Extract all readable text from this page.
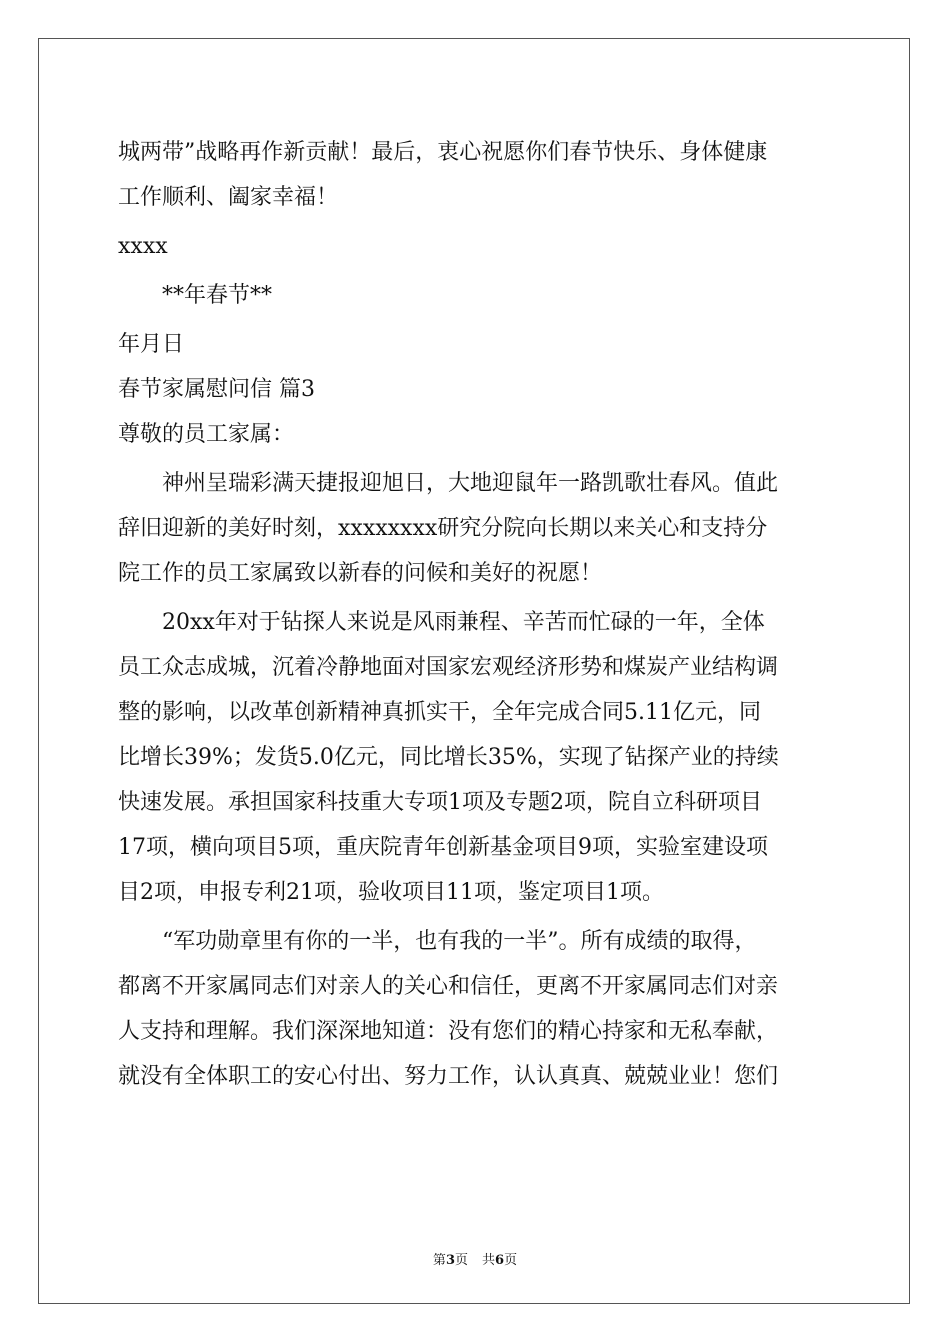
城两带”战略再作新贡献！最后，衷心祝愿你们春节快乐、身体健康
工作顺利、阖家幸福！
xxxx
**年春节**
年月日
春节家属慰问信 篇3
尊敬的员工家属：
神州呈瑞彩满天捷报迎旭日，大地迎鼠年一路凯歌壮春风。值此
辞旧迎新的美好时刻，xxxxxxxx研究分院向长期以来关心和支持分
院工作的员工家属致以新春的问候和美好的祝愿！
20xx年对于钻探人来说是风雨兼程、辛苦而忙碌的一年，全体
员工众志成城，沉着冷静地面对国家宏观经济形势和煤炭产业结构调
整的影响，以改革创新精神真抓实干，全年完成合同5.11亿元，同
比增长39%；发货5.0亿元，同比增长35%，实现了钻探产业的持续
快速发展。承担国家科技重大专项1项及专题2项，院自立科研项目
17项，横向项目5项，重庆院青年创新基金项目9项，实验室建设项
目2项，申报专利21项，验收项目11项，鉴定项目1项。
“军功勋章里有你的一半，也有我的一半”。所有成绩的取得，
都离不开家属同志们对亲人的关心和信任，更离不开家属同志们对亲
人支持和理解。我们深深地知道：没有您们的精心持家和无私奉献，
就没有全体职工的安心付出、努力工作，认认真真、兢兢业业！您们
第3页 共6页
